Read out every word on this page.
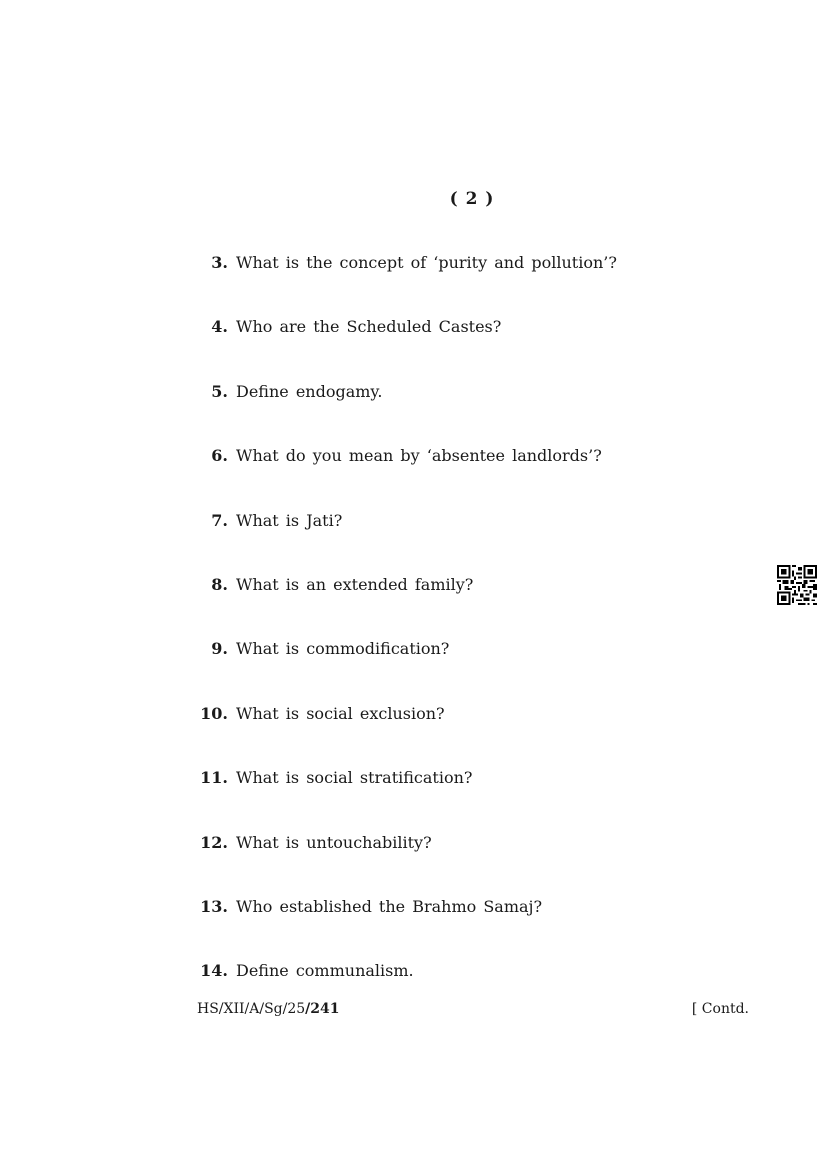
( 2 )
3. What is the concept of ‘purity and pollution’?
4. Who are the Scheduled Castes?
5. Define endogamy.
6. What do you mean by ‘absentee landlords’?
7. What is Jati?
8. What is an extended family?
9. What is commodification?
10. What is social exclusion?
11. What is social stratification?
12. What is untouchability?
13. Who established the Brahmo Samaj?
14. Define communalism.
HS/XII/A/Sg/25/241	[ Contd.
